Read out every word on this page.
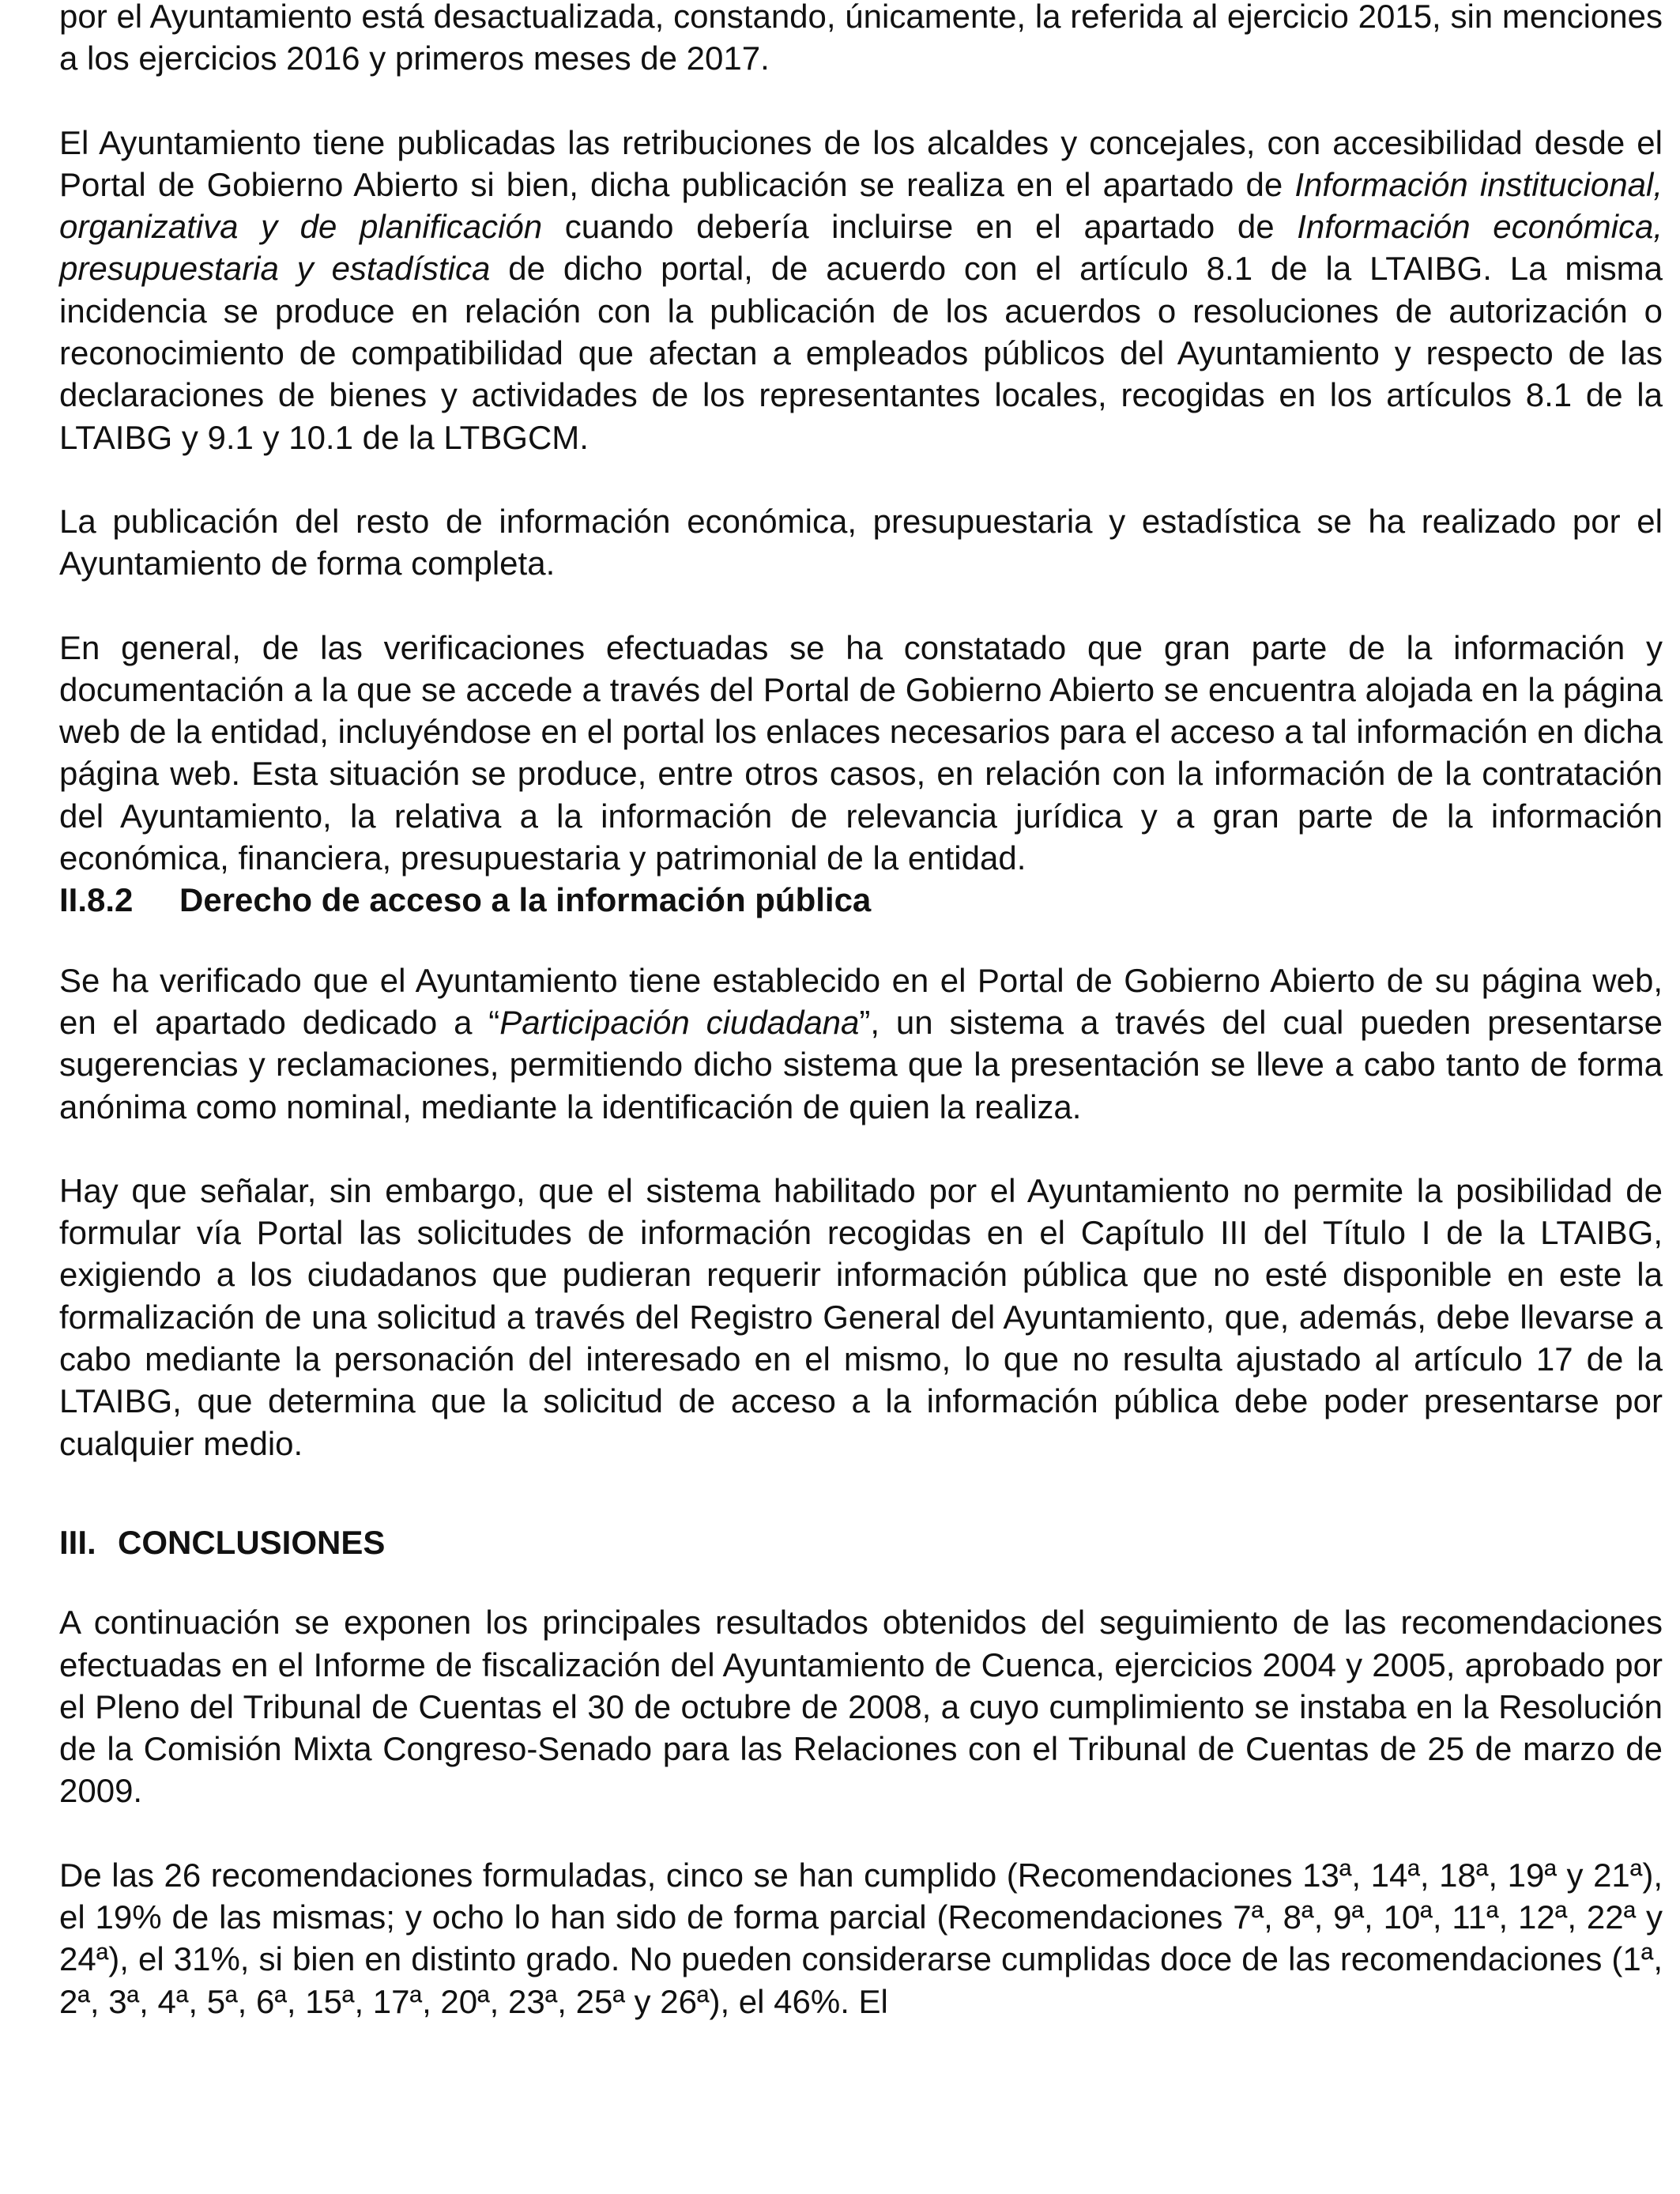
por el Ayuntamiento está desactualizada, constando, únicamente, la referida al ejercicio 2015, sin menciones a los ejercicios 2016 y primeros meses de 2017.

El Ayuntamiento tiene publicadas las retribuciones de los alcaldes y concejales, con accesibilidad desde el Portal de Gobierno Abierto si bien, dicha publicación se realiza en el apartado de Información institucional, organizativa y de planificación cuando debería incluirse en el apartado de Información económica, presupuestaria y estadística de dicho portal, de acuerdo con el artículo 8.1 de la LTAIBG. La misma incidencia se produce en relación con la publicación de los acuerdos o resoluciones de autorización o reconocimiento de compatibilidad que afectan a empleados públicos del Ayuntamiento y respecto de las declaraciones de bienes y actividades de los representantes locales, recogidas en los artículos 8.1 de la LTAIBG y 9.1 y 10.1 de la LTBGCM.

La publicación del resto de información económica, presupuestaria y estadística se ha realizado por el Ayuntamiento de forma completa.

En general, de las verificaciones efectuadas se ha constatado que gran parte de la información y documentación a la que se accede a través del Portal de Gobierno Abierto se encuentra alojada en la página web de la entidad, incluyéndose en el portal los enlaces necesarios para el acceso a tal información en dicha página web. Esta situación se produce, entre otros casos, en relación con la información de la contratación del Ayuntamiento, la relativa a la información de relevancia jurídica y a gran parte de la información económica, financiera, presupuestaria y patrimonial de la entidad.

II.8.2 Derecho de acceso a la información pública

Se ha verificado que el Ayuntamiento tiene establecido en el Portal de Gobierno Abierto de su página web, en el apartado dedicado a “Participación ciudadana”, un sistema a través del cual pueden presentarse sugerencias y reclamaciones, permitiendo dicho sistema que la presentación se lleve a cabo tanto de forma anónima como nominal, mediante la identificación de quien la realiza.

Hay que señalar, sin embargo, que el sistema habilitado por el Ayuntamiento no permite la posibilidad de formular vía Portal las solicitudes de información recogidas en el Capítulo III del Título I de la LTAIBG, exigiendo a los ciudadanos que pudieran requerir información pública que no esté disponible en este la formalización de una solicitud a través del Registro General del Ayuntamiento, que, además, debe llevarse a cabo mediante la personación del interesado en el mismo, lo que no resulta ajustado al artículo 17 de la LTAIBG, que determina que la solicitud de acceso a la información pública debe poder presentarse por cualquier medio.

III. CONCLUSIONES

A continuación se exponen los principales resultados obtenidos del seguimiento de las recomendaciones efectuadas en el Informe de fiscalización del Ayuntamiento de Cuenca, ejercicios 2004 y 2005, aprobado por el Pleno del Tribunal de Cuentas el 30 de octubre de 2008, a cuyo cumplimiento se instaba en la Resolución de la Comisión Mixta Congreso-Senado para las Relaciones con el Tribunal de Cuentas de 25 de marzo de 2009.

De las 26 recomendaciones formuladas, cinco se han cumplido (Recomendaciones 13ª, 14ª, 18ª, 19ª y 21ª), el 19% de las mismas; y ocho lo han sido de forma parcial (Recomendaciones 7ª, 8ª, 9ª, 10ª, 11ª, 12ª, 22ª y 24ª), el 31%, si bien en distinto grado. No pueden considerarse cumplidas doce de las recomendaciones (1ª, 2ª, 3ª, 4ª, 5ª, 6ª, 15ª, 17ª, 20ª, 23ª, 25ª y 26ª), el 46%. El
